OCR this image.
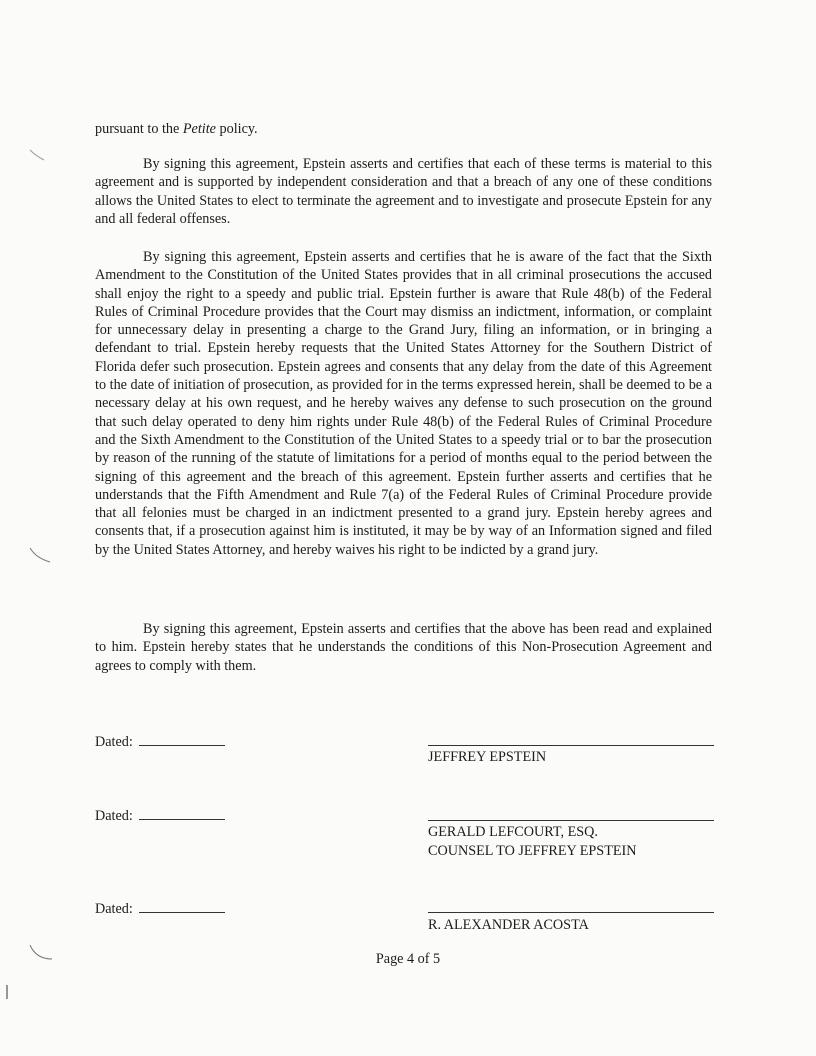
pursuant to the Petite policy.

By signing this agreement, Epstein asserts and certifies that each of these terms is material to this agreement and is supported by independent consideration and that a breach of any one of these conditions allows the United States to elect to terminate the agreement and to investigate and prosecute Epstein for any and all federal offenses.

By signing this agreement, Epstein asserts and certifies that he is aware of the fact that the Sixth Amendment to the Constitution of the United States provides that in all criminal prosecutions the accused shall enjoy the right to a speedy and public trial. Epstein further is aware that Rule 48(b) of the Federal Rules of Criminal Procedure provides that the Court may dismiss an indictment, information, or complaint for unnecessary delay in presenting a charge to the Grand Jury, filing an information, or in bringing a defendant to trial. Epstein hereby requests that the United States Attorney for the Southern District of Florida defer such prosecution. Epstein agrees and consents that any delay from the date of this Agreement to the date of initiation of prosecution, as provided for in the terms expressed herein, shall be deemed to be a necessary delay at his own request, and he hereby waives any defense to such prosecution on the ground that such delay operated to deny him rights under Rule 48(b) of the Federal Rules of Criminal Procedure and the Sixth Amendment to the Constitution of the United States to a speedy trial or to bar the prosecution by reason of the running of the statute of limitations for a period of months equal to the period between the signing of this agreement and the breach of this agreement. Epstein further asserts and certifies that he understands that the Fifth Amendment and Rule 7(a) of the Federal Rules of Criminal Procedure provide that all felonies must be charged in an indictment presented to a grand jury. Epstein hereby agrees and consents that, if a prosecution against him is instituted, it may be by way of an Information signed and filed by the United States Attorney, and hereby waives his right to be indicted by a grand jury.

By signing this agreement, Epstein asserts and certifies that the above has been read and explained to him. Epstein hereby states that he understands the conditions of this Non-Prosecution Agreement and agrees to comply with them.

Dated:
JEFFREY EPSTEIN
Dated:
GERALD LEFCOURT, ESQ.
COUNSEL TO JEFFREY EPSTEIN
Dated:
R. ALEXANDER ACOSTA
Page 4 of 5
